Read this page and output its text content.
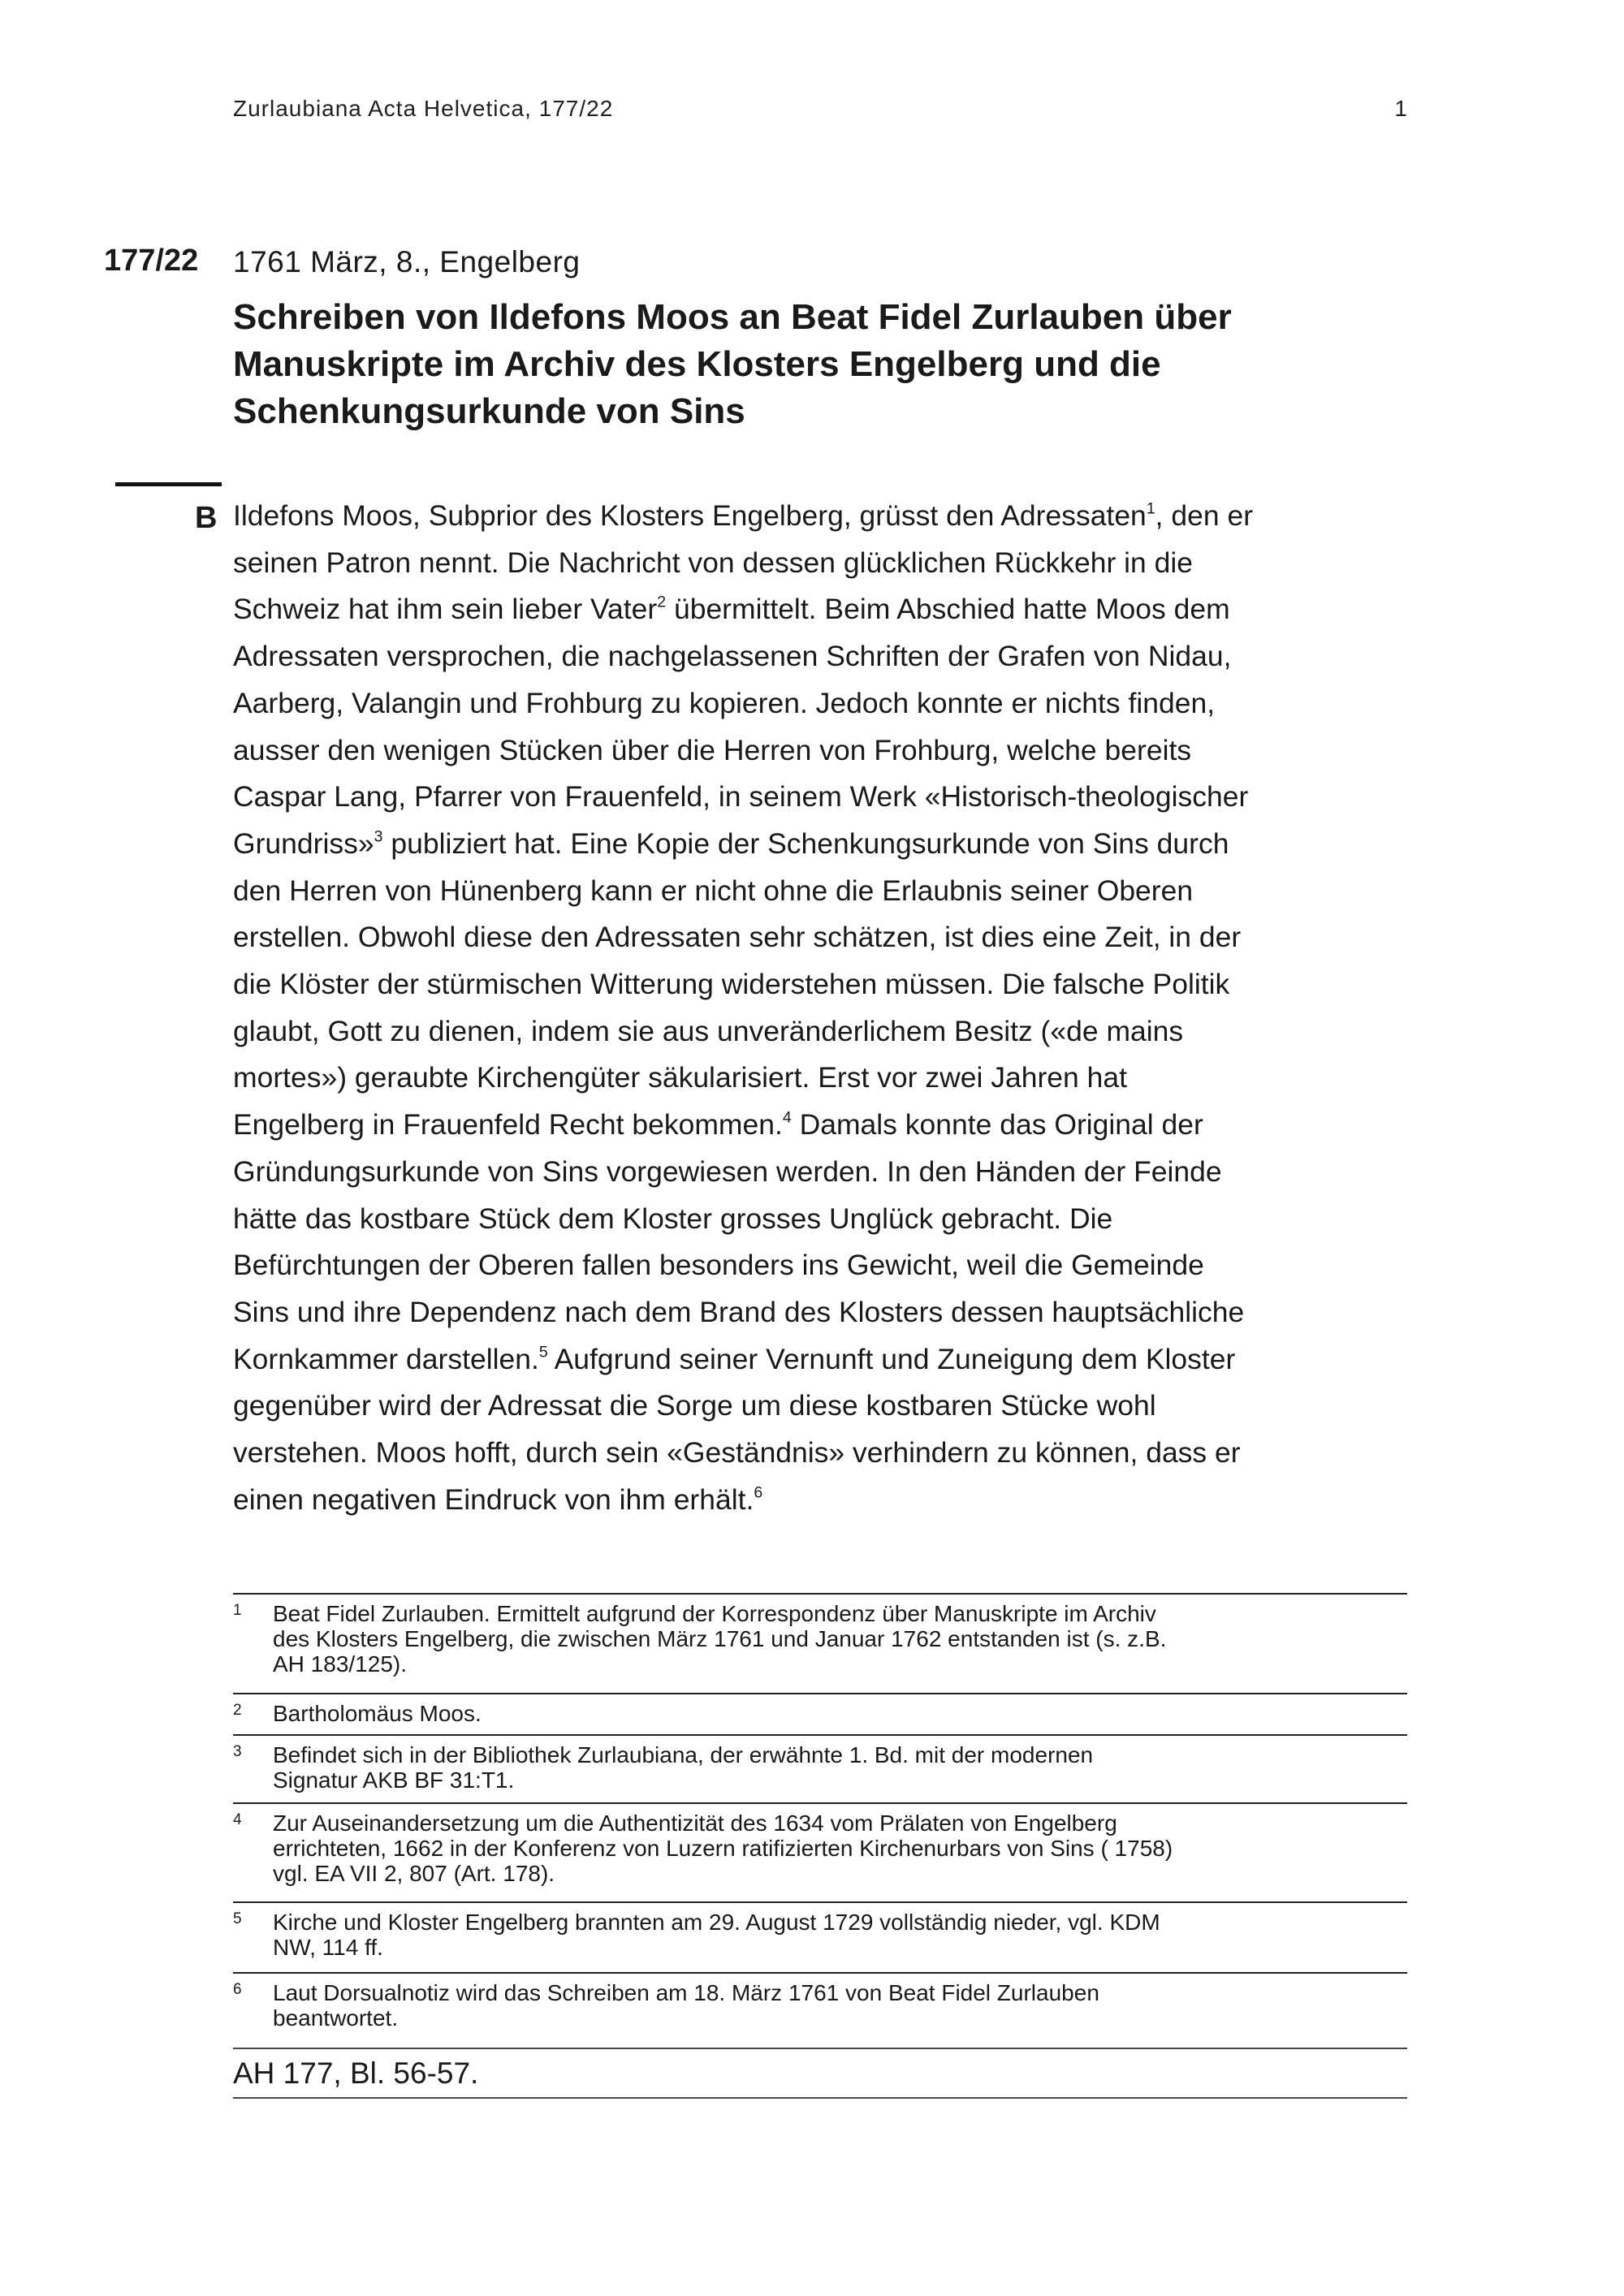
Zurlaubiana Acta Helvetica, 177/22	1
177/22 1761 März, 8., Engelberg
Schreiben von Ildefons Moos an Beat Fidel Zurlauben über
Manuskripte im Archiv des Klosters Engelberg und die
Schenkungsurkunde von Sins
B Ildefons Moos, Subprior des Klosters Engelberg, grüsst den Adressaten$^1$, den er
seinen Patron nennt. Die Nachricht von dessen glücklichen Rückkehr in die
Schweiz hat ihm sein lieber Vater$^2$ übermittelt. Beim Abschied hatte Moos dem
Adressaten versprochen, die nachgelassenen Schriften der Grafen von Nidau,
Aarberg, Valangin und Frohburg zu kopieren. Jedoch konnte er nichts finden,
ausser den wenigen Stücken über die Herren von Frohburg, welche bereits
Caspar Lang, Pfarrer von Frauenfeld, in seinem Werk «Historisch-theologischer
Grundriss»$^3$ publiziert hat. Eine Kopie der Schenkungsurkunde von Sins durch
den Herren von Hünenberg kann er nicht ohne die Erlaubnis seiner Oberen
erstellen. Obwohl diese den Adressaten sehr schätzen, ist dies eine Zeit, in der
die Klöster der stürmischen Witterung widerstehen müssen. Die falsche Politik
glaubt, Gott zu dienen, indem sie aus unveränderlichem Besitz («de mains
mortes») geraubte Kirchengüter säkularisiert. Erst vor zwei Jahren hat
Engelberg in Frauenfeld Recht bekommen.$^4$ Damals konnte das Original der
Gründungsurkunde von Sins vorgewiesen werden. In den Händen der Feinde
hätte das kostbare Stück dem Kloster grosses Unglück gebracht. Die
Befürchtungen der Oberen fallen besonders ins Gewicht, weil die Gemeinde
Sins und ihre Dependenz nach dem Brand des Klosters dessen hauptsächliche
Kornkammer darstellen.$^5$ Aufgrund seiner Vernunft und Zuneigung dem Kloster
gegenüber wird der Adressat die Sorge um diese kostbaren Stücke wohl
verstehen. Moos hofft, durch sein «Geständnis» verhindern zu können, dass er
einen negativen Eindruck von ihm erhält.$^6$
1 Beat Fidel Zurlauben. Ermittelt aufgrund der Korrespondenz über Manuskripte im Archiv
des Klosters Engelberg, die zwischen März 1761 und Januar 1762 entstanden ist (s. z.B.
AH 183/125).
2 Bartholomäus Moos.
3 Befindet sich in der Bibliothek Zurlaubiana, der erwähnte 1. Bd. mit der modernen
Signatur AKB BF 31:T1.
4 Zur Auseinandersetzung um die Authentizität des 1634 vom Prälaten von Engelberg
errichteten, 1662 in der Konferenz von Luzern ratifizierten Kirchenurbars von Sins ( 1758)
vgl. EA VII 2, 807 (Art. 178).
5 Kirche und Kloster Engelberg brannten am 29. August 1729 vollständig nieder, vgl. KDM
NW, 114 ff.
6 Laut Dorsualnotiz wird das Schreiben am 18. März 1761 von Beat Fidel Zurlauben
beantwortet.
AH 177, Bl. 56-57.
